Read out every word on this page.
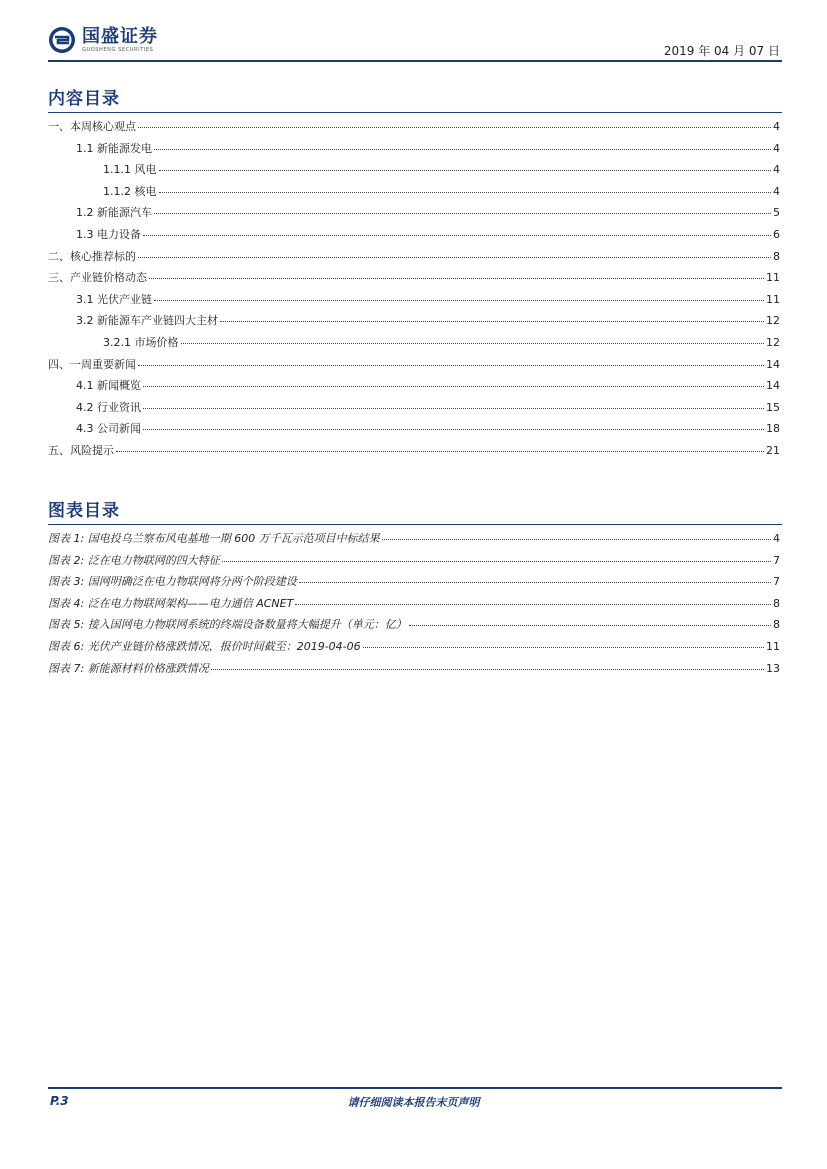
国盛证券
GUOSHENG SECURITIES	2019 年 04 月 07 日
内容目录
一、本周核心观点	4
1.1 新能源发电	4
1.1.1 风电	4
1.1.2 核电	4
1.2 新能源汽车	5
1.3 电力设备	6
二、核心推荐标的	8
三、产业链价格动态	11
3.1 光伏产业链	11
3.2 新能源车产业链四大主材	12
3.2.1 市场价格	12
四、一周重要新闻	14
4.1 新闻概览	14
4.2 行业资讯	15
4.3 公司新闻	18
五、风险提示	21
图表目录
图表 1: 国电投乌兰察布风电基地一期 600 万千瓦示范项目中标结果	4
图表 2: 泛在电力物联网的四大特征	7
图表 3: 国网明确泛在电力物联网将分两个阶段建设	7
图表 4: 泛在电力物联网架构——电力通信 ACNET	8
图表 5: 接入国网电力物联网系统的终端设备数量将大幅提升（单元：亿）	8
图表 6: 光伏产业链价格涨跌情况，报价时间截至：2019-04-06	11
图表 7: 新能源材料价格涨跌情况	13
请仔细阅读本报告末页声明
P.3
